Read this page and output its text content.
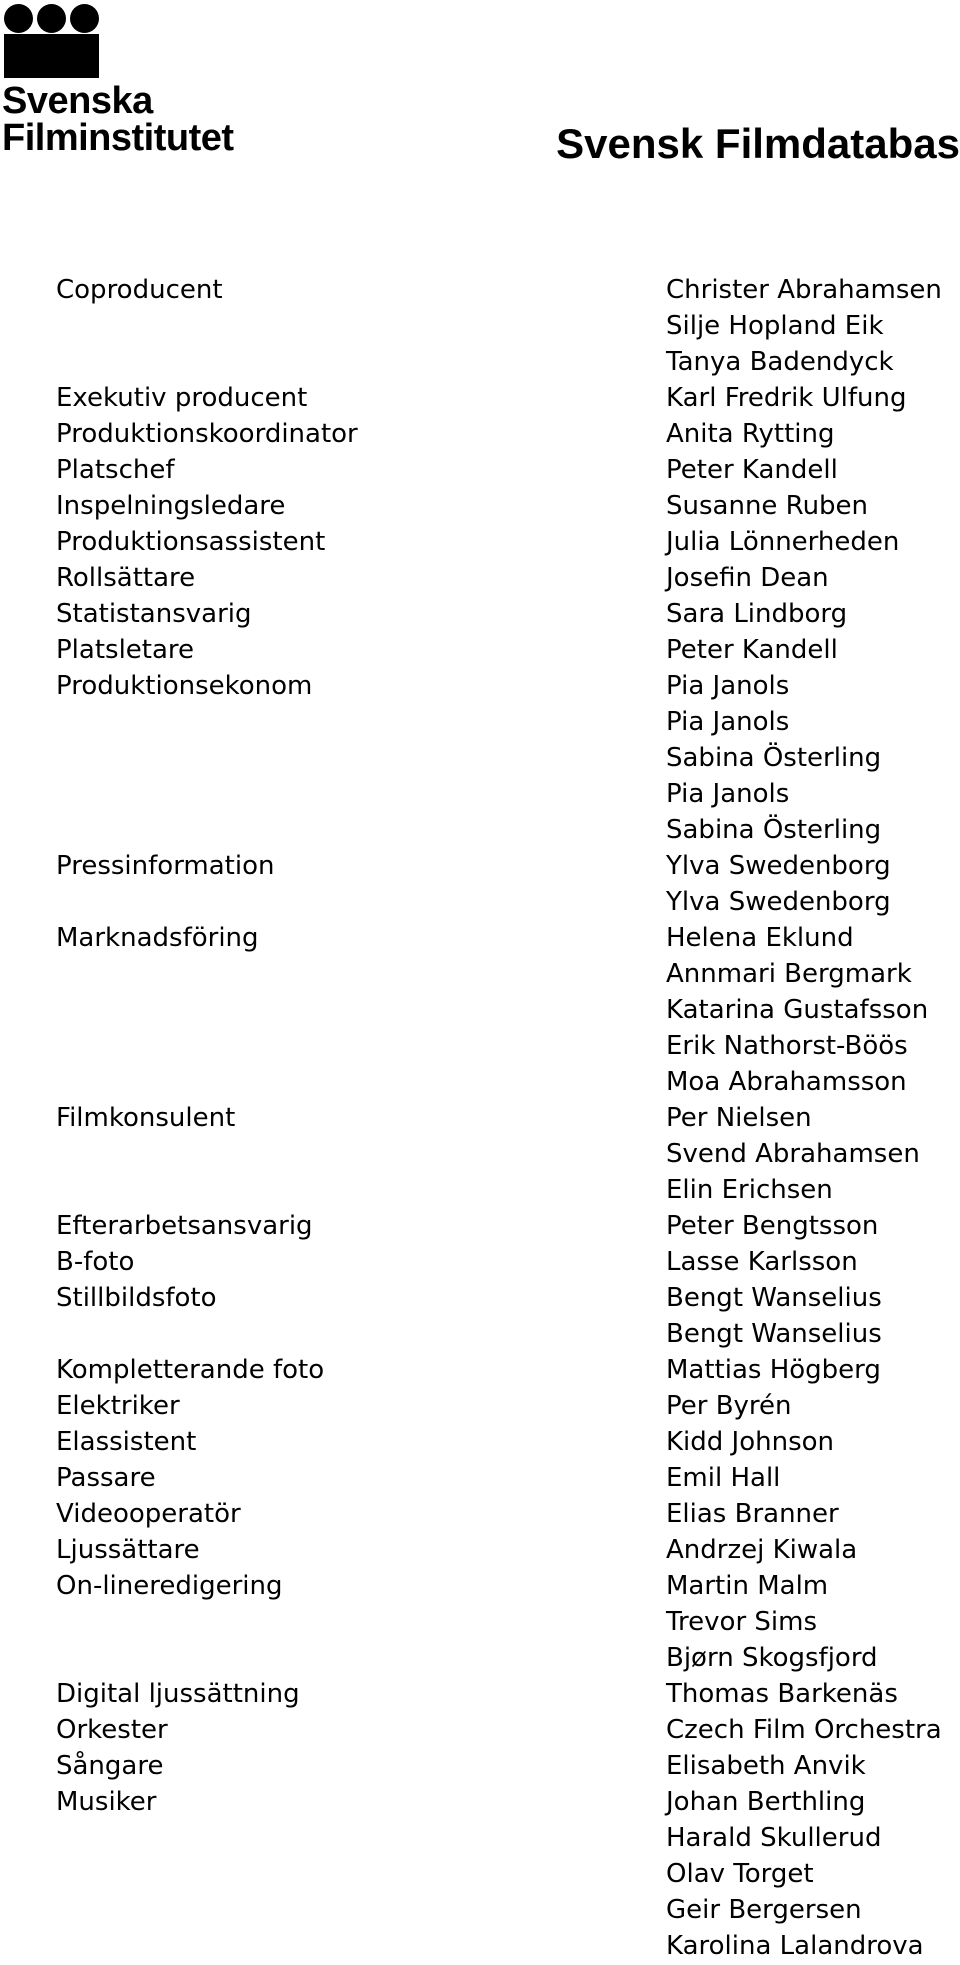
Svenska
Filminstitutet	Svensk Filmdatabas
Coproducent	Christer Abrahamsen
Silje Hopland Eik
Tanya Badendyck
Exekutiv producent	Karl Fredrik Ulfung
Produktionskoordinator	Anita Rytting
Platschef	Peter Kandell
Inspelningsledare	Susanne Ruben
Produktionsassistent	Julia Lönnerheden
Rollsättare	Josefin Dean
Statistansvarig	Sara Lindborg
Platsletare	Peter Kandell
Produktionsekonom	Pia Janols
Pia Janols
Sabina Österling
Pia Janols
Sabina Österling
Pressinformation	Ylva Swedenborg
Ylva Swedenborg
Marknadsföring	Helena Eklund
Annmari Bergmark
Katarina Gustafsson
Erik Nathorst-Böös
Moa Abrahamsson
Filmkonsulent	Per Nielsen
Svend Abrahamsen
Elin Erichsen
Efterarbetsansvarig	Peter Bengtsson
B-foto	Lasse Karlsson
Stillbildsfoto	Bengt Wanselius
Bengt Wanselius
Kompletterande foto	Mattias Högberg
Elektriker	Per Byrén
Elassistent	Kidd Johnson
Passare	Emil Hall
Videooperatör	Elias Branner
Ljussättare	Andrzej Kiwala
On-lineredigering	Martin Malm
Trevor Sims
Bjørn Skogsfjord
Digital ljussättning	Thomas Barkenäs
Orkester	Czech Film Orchestra
Sångare	Elisabeth Anvik
Musiker	Johan Berthling
Harald Skullerud
Olav Torget
Geir Bergersen
Karolina Lalandrova
